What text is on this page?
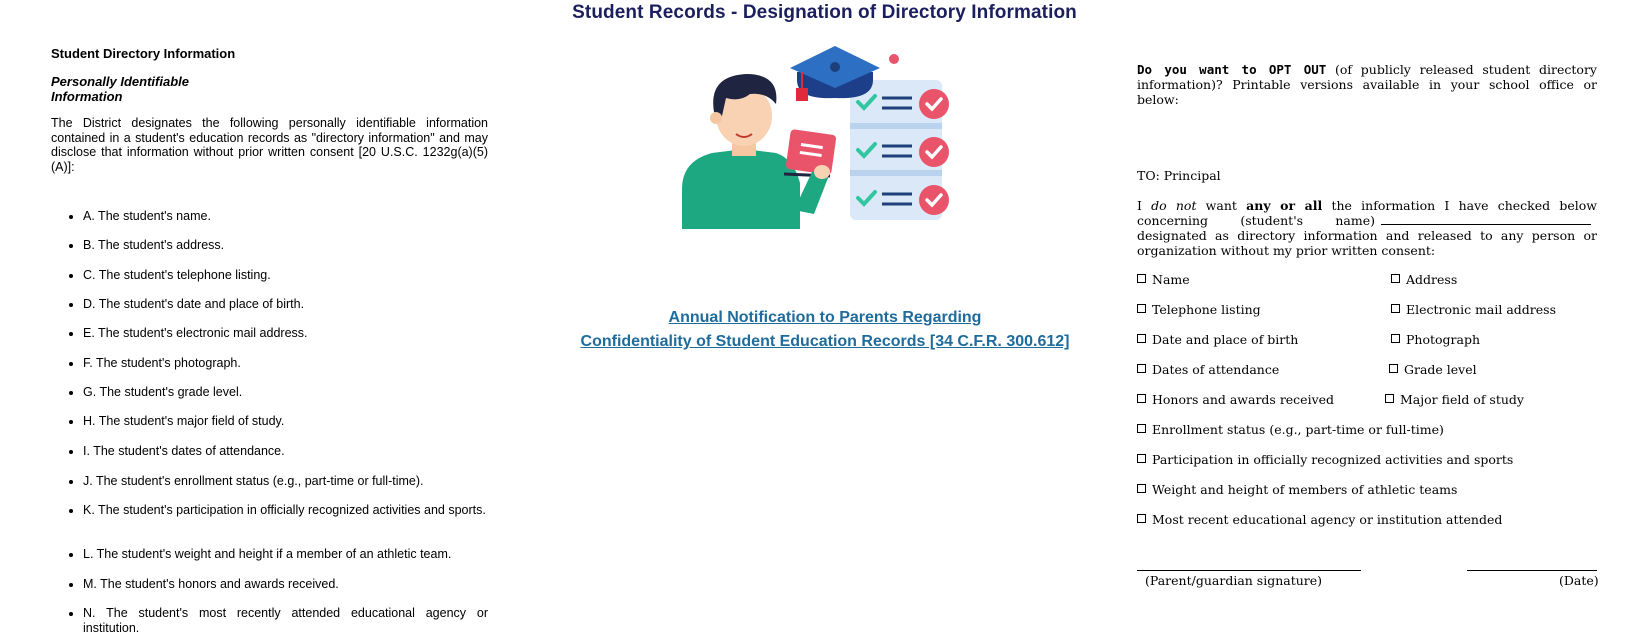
Student Records - Designation of Directory Information
Student Directory Information
Personally Identifiable Information
The District designates the following personally identifiable information contained in a student's education records as "directory information" and may disclose that information without prior written consent [20 U.S.C. 1232g(a)(5)(A)]:
• A. The student's name.
• B. The student's address.
• C. The student's telephone listing.
• D. The student's date and place of birth.
• E. The student's electronic mail address.
• F. The student's photograph.
• G. The student's grade level.
• H. The student's major field of study.
• I. The student's dates of attendance.
• J. The student's enrollment status (e.g., part-time or full-time).
• K. The student's participation in officially recognized activities and sports.
• L. The student's weight and height if a member of an athletic team.
• M. The student's honors and awards received.
• N. The student's most recently attended educational agency or institution.
Annual Notification to Parents Regarding
Confidentiality of Student Education Records [34 C.F.R. 300.612]
Do you want to OPT OUT (of publicly released student directory information)? Printable versions available in your school office or below:
TO: Principal
I do not want any or all the information I have checked below concerning (student's name)designated as directory information and released to any person or organization without my prior written consent:
Name	Address
Telephone listing	Electronic mail address
Date and place of birth	Photograph
Dates of attendance	Grade level
Honors and awards received	Major field of study
Enrollment status (e.g., part-time or full-time)
Participation in officially recognized activities and sports
Weight and height of members of athletic teams
Most recent educational agency or institution attended
(Parent/guardian signature)	(Date)
